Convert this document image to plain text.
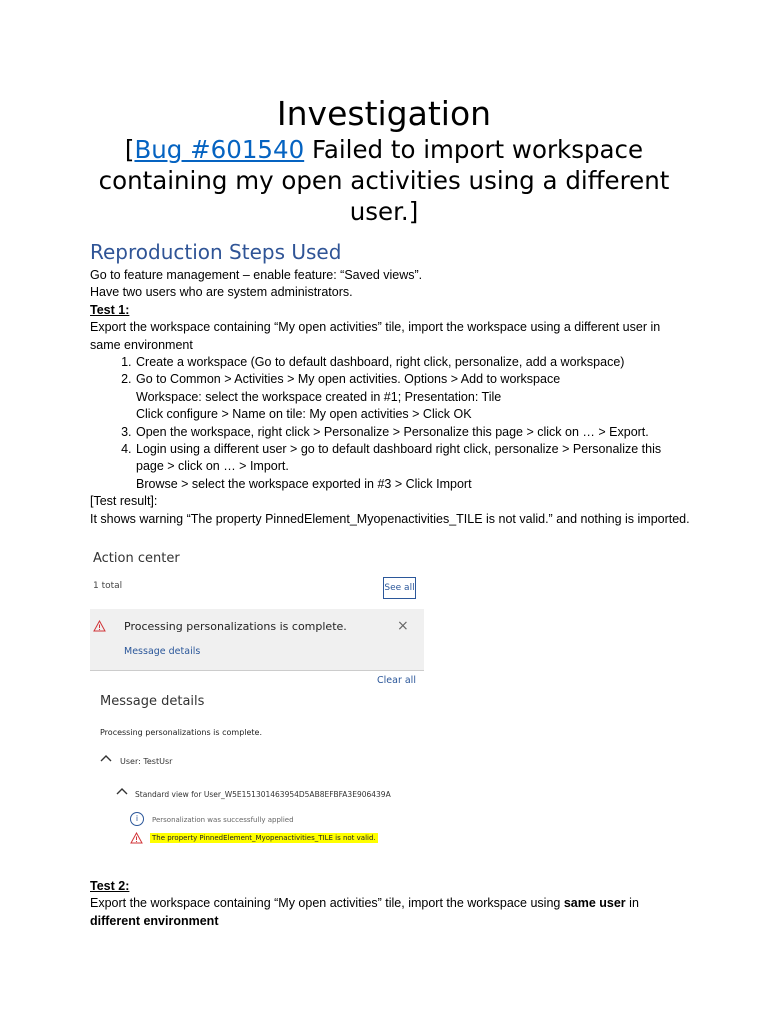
Investigation
[Bug #601540 Failed to import workspace containing my open activities using a different user.]
Reproduction Steps Used

Go to feature management – enable feature: “Saved views”.

Have two users who are system administrators.

Test 1:

Export the workspace containing “My open activities” tile, import the workspace using a different user in same environment

1. Create a workspace (Go to default dashboard, right click, personalize, add a workspace)
2. Go to Common > Activities > My open activities. Options > Add to workspace
Workspace: select the workspace created in #1; Presentation: Tile
Click configure > Name on tile: My open activities > Click OK
3. Open the workspace, right click > Personalize > Personalize this page > click on … > Export.
4. Login using a different user > go to default dashboard right click, personalize > Personalize this page > click on … > Import.
Browse > select the workspace exported in #3 > Click Import

[Test result]:

It shows warning “The property PinnedElement_Myopenactivities_TILE is not valid.” and nothing is imported.

Action center
1 total	See all
Processing personalizations is complete.
Message details
×
Clear all
Message details
Processing personalizations is complete.
User: TestUsr
Standard view for User_W5E151301463954D5AB8EFBFA3E906439A
i	Personalization was successfully applied
The property PinnedElement_Myopenactivities_TILE is not valid.

Test 2:

Export the workspace containing “My open activities” tile, import the workspace using same user in
different environment
